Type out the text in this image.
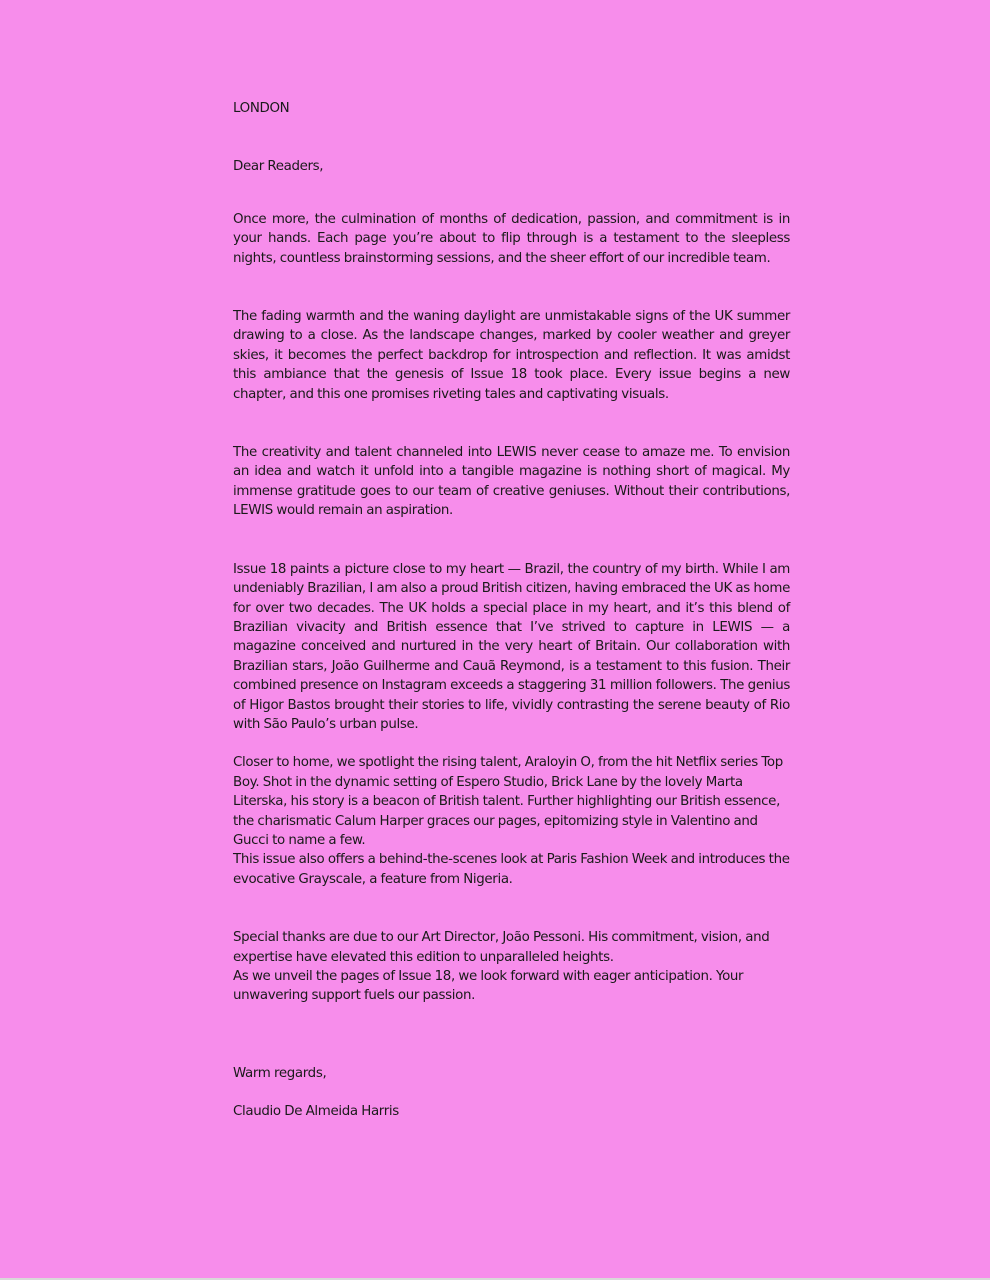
LONDON

Dear Readers,

Once more, the culmination of months of dedication, passion, and commitment is in your hands. Each page you’re about to flip through is a testament to the sleepless nights, countless brainstorming sessions, and the sheer effort of our incredible team.

The fading warmth and the waning daylight are unmistakable signs of the UK summer drawing to a close. As the landscape changes, marked by cooler weather and greyer skies, it becomes the perfect backdrop for introspection and reflection. It was amidst this ambiance that the genesis of Issue 18 took place. Every issue begins a new chapter, and this one promises riveting tales and captivating visuals.

The creativity and talent channeled into LEWIS never cease to amaze me. To envision an idea and watch it unfold into a tangible magazine is nothing short of magical. My immense gratitude goes to our team of creative geniuses. Without their contributions, LEWIS would remain an aspiration.

Issue 18 paints a picture close to my heart — Brazil, the country of my birth. While I am undeniably Brazilian, I am also a proud British citizen, having embraced the UK as home for over two decades. The UK holds a special place in my heart, and it’s this blend of Brazilian vivacity and British essence that I’ve strived to capture in LEWIS — a magazine conceived and nurtured in the very heart of Britain. Our collaboration with Brazilian stars, João Guilherme and Cauã Reymond, is a testament to this fusion. Their combined presence on Instagram exceeds a staggering 31 million followers. The genius of Higor Bastos brought their stories to life, vividly contrasting the serene beauty of Rio with São Paulo’s urban pulse.

Closer to home, we spotlight the rising talent, Araloyin O, from the hit Netflix series Top Boy. Shot in the dynamic setting of Espero Studio, Brick Lane by the lovely Marta Literska, his story is a beacon of British talent. Further highlighting our British essence, the charismatic Calum Harper graces our pages, epitomizing style in Valentino and Gucci to name a few.
This issue also offers a behind-the-scenes look at Paris Fashion Week and introduces the evocative Grayscale, a feature from Nigeria.
Special thanks are due to our Art Director, João Pessoni. His commitment, vision, and expertise have elevated this edition to unparalleled heights.
As we unveil the pages of Issue 18, we look forward with eager anticipation. Your unwavering support fuels our passion.

Warm regards,

Claudio De Almeida Harris
